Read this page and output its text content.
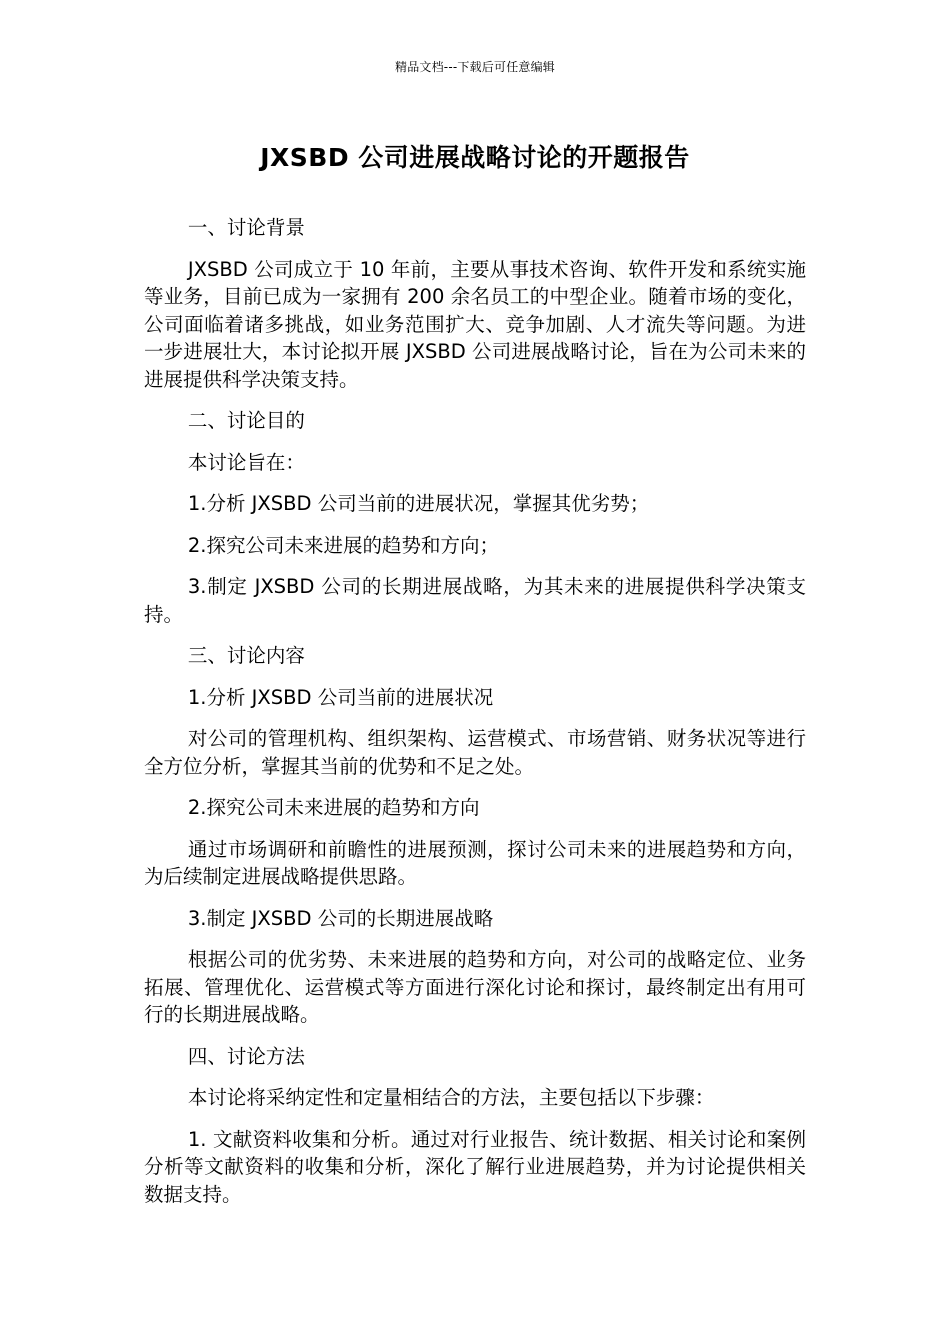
精品文档---下载后可任意编辑
JXSBD 公司进展战略讨论的开题报告

一、讨论背景

JXSBD 公司成立于 10 年前，主要从事技术咨询、软件开发和系统实施等业务，目前已成为一家拥有 200 余名员工的中型企业。随着市场的变化，公司面临着诸多挑战，如业务范围扩大、竞争加剧、人才流失等问题。为进一步进展壮大，本讨论拟开展 JXSBD 公司进展战略讨论，旨在为公司未来的进展提供科学决策支持。

二、讨论目的

本讨论旨在：

1.分析 JXSBD 公司当前的进展状况，掌握其优劣势；

2.探究公司未来进展的趋势和方向；

3.制定 JXSBD 公司的长期进展战略，为其未来的进展提供科学决策支持。

三、讨论内容

1.分析 JXSBD 公司当前的进展状况

对公司的管理机构、组织架构、运营模式、市场营销、财务状况等进行全方位分析，掌握其当前的优势和不足之处。

2.探究公司未来进展的趋势和方向

通过市场调研和前瞻性的进展预测，探讨公司未来的进展趋势和方向，为后续制定进展战略提供思路。

3.制定 JXSBD 公司的长期进展战略

根据公司的优劣势、未来进展的趋势和方向，对公司的战略定位、业务拓展、管理优化、运营模式等方面进行深化讨论和探讨，最终制定出有用可行的长期进展战略。

四、讨论方法

本讨论将采纳定性和定量相结合的方法，主要包括以下步骤：

1. 文献资料收集和分析。通过对行业报告、统计数据、相关讨论和案例分析等文献资料的收集和分析，深化了解行业进展趋势，并为讨论提供相关数据支持。
